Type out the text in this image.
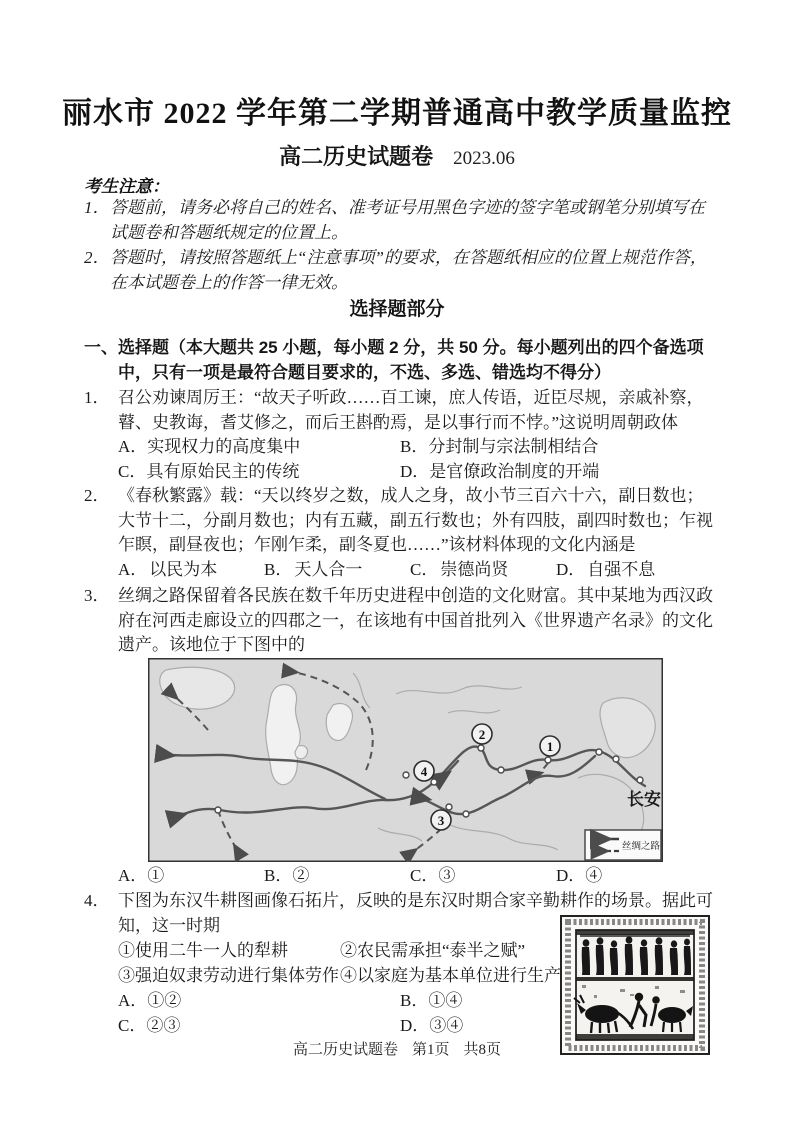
丽水市 2022 学年第二学期普通高中教学质量监控
高二历史试题卷 2023.06
考生注意：
1． 答题前，请务必将自己的姓名、准考证号用黑色字迹的签字笔或钢笔分别填写在试题卷和答题纸规定的位置上。
2． 答题时，请按照答题纸上“注意事项”的要求，在答题纸相应的位置上规范作答，在本试题卷上的作答一律无效。
选择题部分
一、选择题（本大题共 25 小题，每小题 2 分，共 50 分。每小题列出的四个备选项中，只有一项是最符合题目要求的，不选、多选、错选均不得分）
1． 召公劝谏周厉王：“故天子听政……百工谏，庶人传语，近臣尽规，亲戚补察，瞽、史教诲，耆艾修之，而后王斟酌焉，是以事行而不悖。”这说明周朝政体
A．实现权力的高度集中	B．分封制与宗法制相结合
C．具有原始民主的传统	D．是官僚政治制度的开端
2． 《春秋繁露》载：“天以终岁之数，成人之身，故小节三百六十六，副日数也；大节十二，分副月数也；内有五藏，副五行数也；外有四肢，副四时数也；乍视乍瞑，副昼夜也；乍刚乍柔，副冬夏也……”该材料体现的文化内涵是
A． 以民为本	B． 天人合一	C． 崇德尚贤	D． 自强不息
3． 丝绸之路保留着各民族在数千年历史进程中创造的文化财富。其中某地为西汉政府在河西走廊设立的四郡之一，在该地有中国首批列入《世界遗产名录》的文化遗产。该地位于下图中的
1
2
3
4
长安
丝绸之路
A．①	B．②	C．③	D．④
4． 下图为东汉牛耕图画像石拓片，反映的是东汉时期合家辛勤耕作的场景。据此可知，这一时期
①使用二牛一人的犁耕	②农民需承担“泰半之赋”
③强迫奴隶劳动进行集体劳作 ④以家庭为基本单位进行生产
A．①②	B．①④
C．②③	D．③④
高二历史试题卷 第1页 共8页
